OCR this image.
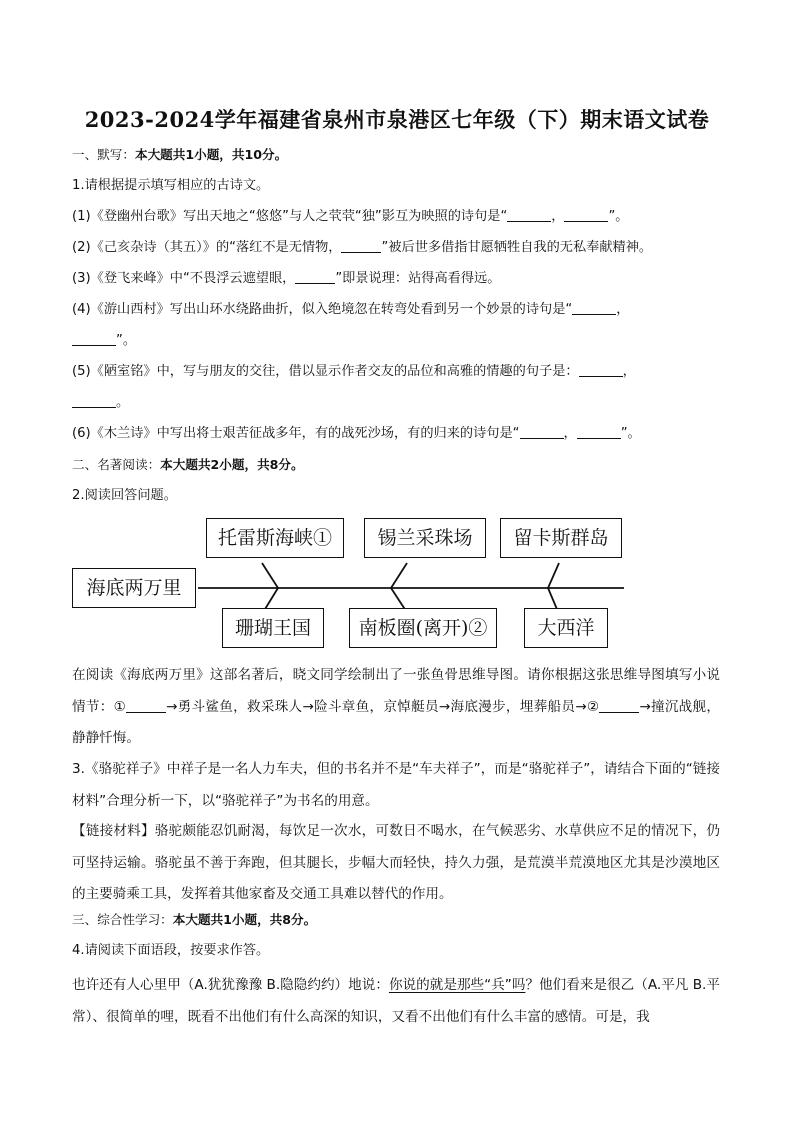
2023-2024学年福建省泉州市泉港区七年级（下）期末语文试卷
一、默写：本大题共1小题，共10分。
1.请根据提示填写相应的古诗文。
(1)《登幽州台歌》写出天地之“悠悠”与人之茕茕“独”影互为映照的诗句是“	，	”。
(2)《己亥杂诗（其五）》的“落红不是无情物，	”被后世多借指甘愿牺牲自我的无私奉献精神。
(3)《登飞来峰》中“不畏浮云遮望眼，	”即景说理：站得高看得远。
(4)《游山西村》写出山环水绕路曲折，似入绝境忽在转弯处看到另一个妙景的诗句是“	，
”。
(5)《陋室铭》中，写与朋友的交往，借以显示作者交友的品位和高雅的情趣的句子是：	，
。
(6)《木兰诗》中写出将士艰苦征战多年，有的战死沙场，有的归来的诗句是“	，	”。
二、名著阅读：本大题共2小题，共8分。
2.阅读回答问题。
海底两万里
托雷斯海峡①	锡兰采珠场	留卡斯群岛
珊瑚王国	南板圈(离开)②	大西洋
在阅读《海底两万里》这部名著后，晓文同学绘制出了一张鱼骨思维导图。请你根据这张思维导图填写小说情节：①	→勇斗鲨鱼，救采珠人→险斗章鱼，京悼艇员→海底漫步，埋葬船员→②	→撞沉战舰，静静忏悔。
3.《骆驼祥子》中祥子是一名人力车夫，但的书名并不是“车夫祥子”，而是“骆驼祥子”，请结合下面的“链接材料”合理分析一下，以“骆驼祥子”为书名的用意。
【链接材料】骆驼颇能忍饥耐渴，每饮足一次水，可数日不喝水，在气候恶劣、水草供应不足的情况下，仍可坚持运输。骆驼虽不善于奔跑，但其腿长，步幅大而轻快，持久力强，是荒漠半荒漠地区尤其是沙漠地区的主要骑乘工具，发挥着其他家畜及交通工具难以替代的作用。
三、综合性学习：本大题共1小题，共8分。
4.请阅读下面语段，按要求作答。
也许还有人心里甲（A.犹犹豫豫 B.隐隐约约）地说：你说的就是那些“兵”吗？他们看来是很乙（A.平凡 B.平常）、很简单的哩，既看不出他们有什么高深的知识，又看不出他们有什么丰富的感情。可是，我
